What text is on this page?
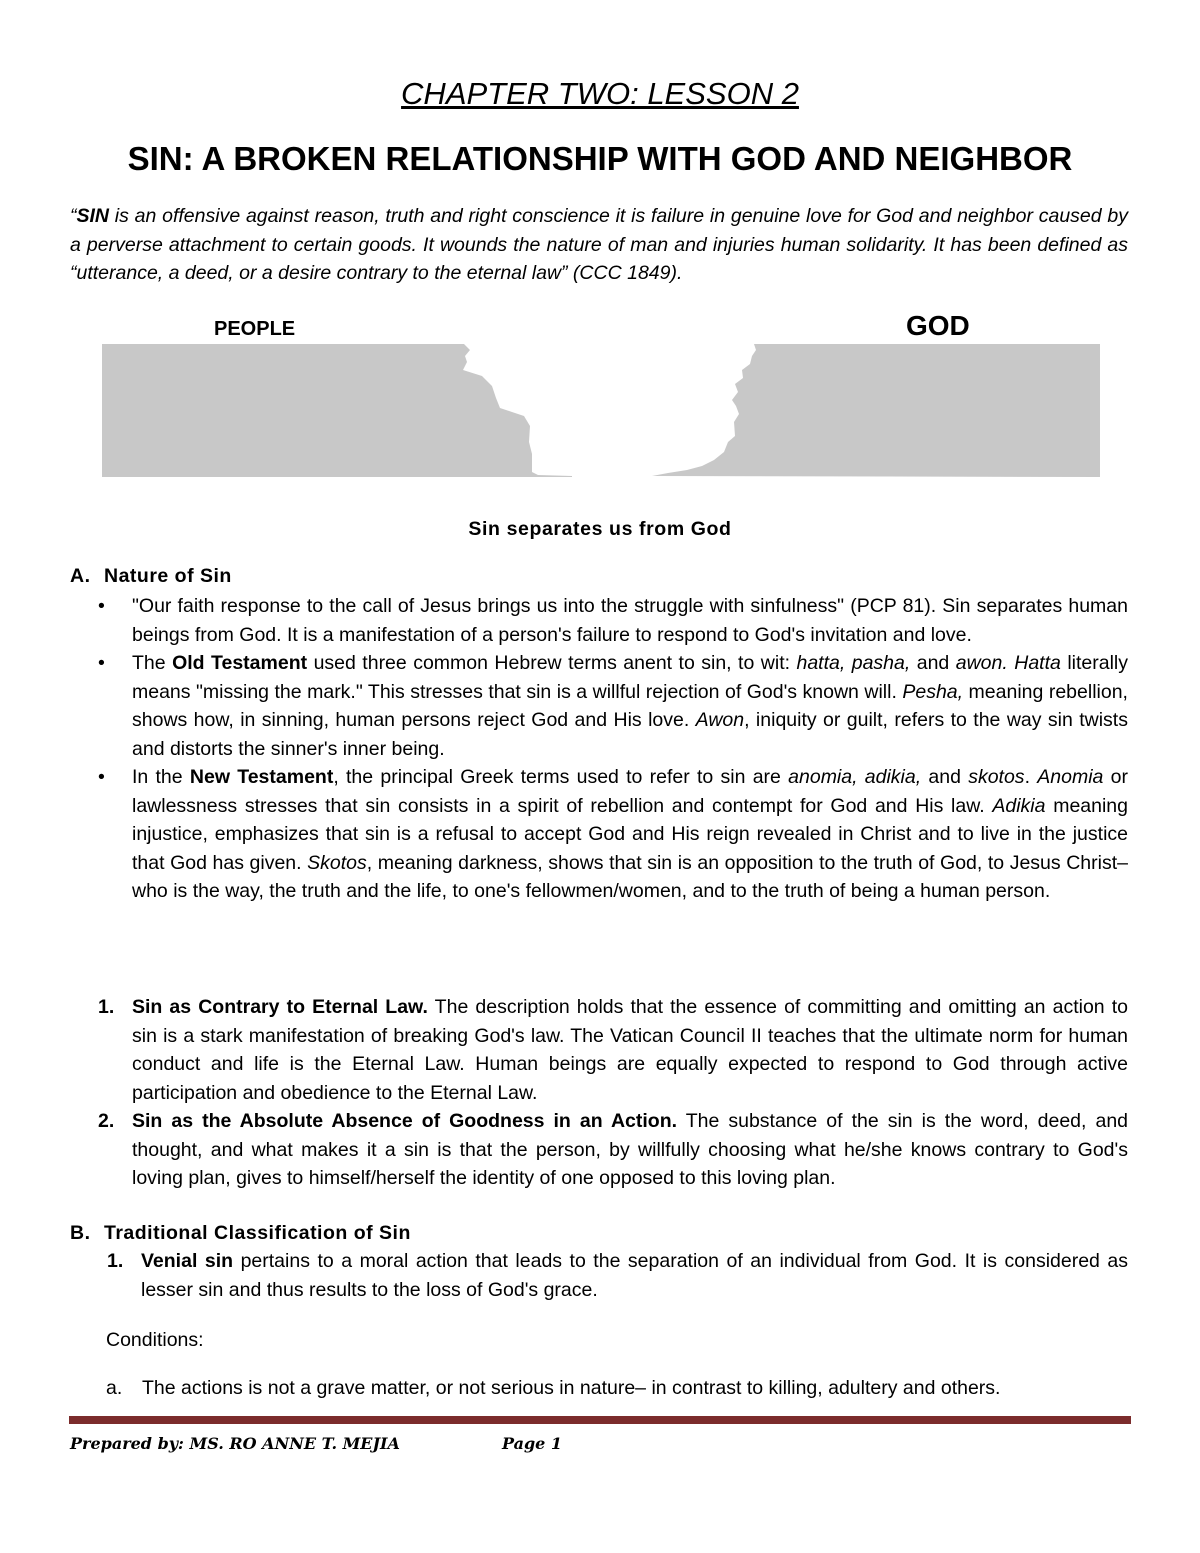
CHAPTER TWO: LESSON 2
SIN: A BROKEN RELATIONSHIP WITH GOD AND NEIGHBOR
“SIN is an offensive against reason, truth and right conscience it is failure in genuine love for God and neighbor caused by a perverse attachment to certain goods. It wounds the nature of man and injuries human solidarity. It has been defined as “utterance, a deed, or a desire contrary to the eternal law” (CCC 1849).
PEOPLE	GOD
Sin separates us from God
A. Nature of Sin
• "Our faith response to the call of Jesus brings us into the struggle with sinfulness" (PCP 81). Sin separates human beings from God. It is a manifestation of a person's failure to respond to God's invitation and love.
• The Old Testament used three common Hebrew terms anent to sin, to wit: hatta, pasha, and awon. Hatta literally means "missing the mark." This stresses that sin is a willful rejection of God's known will. Pesha, meaning rebellion, shows how, in sinning, human persons reject God and His love. Awon, iniquity or guilt, refers to the way sin twists and distorts the sinner's inner being.
• In the New Testament, the principal Greek terms used to refer to sin are anomia, adikia, and skotos. Anomia or lawlessness stresses that sin consists in a spirit of rebellion and contempt for God and His law. Adikia meaning injustice, emphasizes that sin is a refusal to accept God and His reign revealed in Christ and to live in the justice that God has given. Skotos, meaning darkness, shows that sin is an opposition to the truth of God, to Jesus Christ– who is the way, the truth and the life, to one's fellowmen/women, and to the truth of being a human person.
1. Sin as Contrary to Eternal Law. The description holds that the essence of committing and omitting an action to sin is a stark manifestation of breaking God's law. The Vatican Council II teaches that the ultimate norm for human conduct and life is the Eternal Law. Human beings are equally expected to respond to God through active participation and obedience to the Eternal Law.
2. Sin as the Absolute Absence of Goodness in an Action. The substance of the sin is the word, deed, and thought, and what makes it a sin is that the person, by willfully choosing what he/she knows contrary to God's loving plan, gives to himself/herself the identity of one opposed to this loving plan.
B. Traditional Classification of Sin
1. Venial sin pertains to a moral action that leads to the separation of an individual from God. It is considered as lesser sin and thus results to the loss of God's grace.
Conditions:
a. The actions is not a grave matter, or not serious in nature– in contrast to killing, adultery and others.
Prepared by: MS. RO ANNE T. MEJIA	Page 1
